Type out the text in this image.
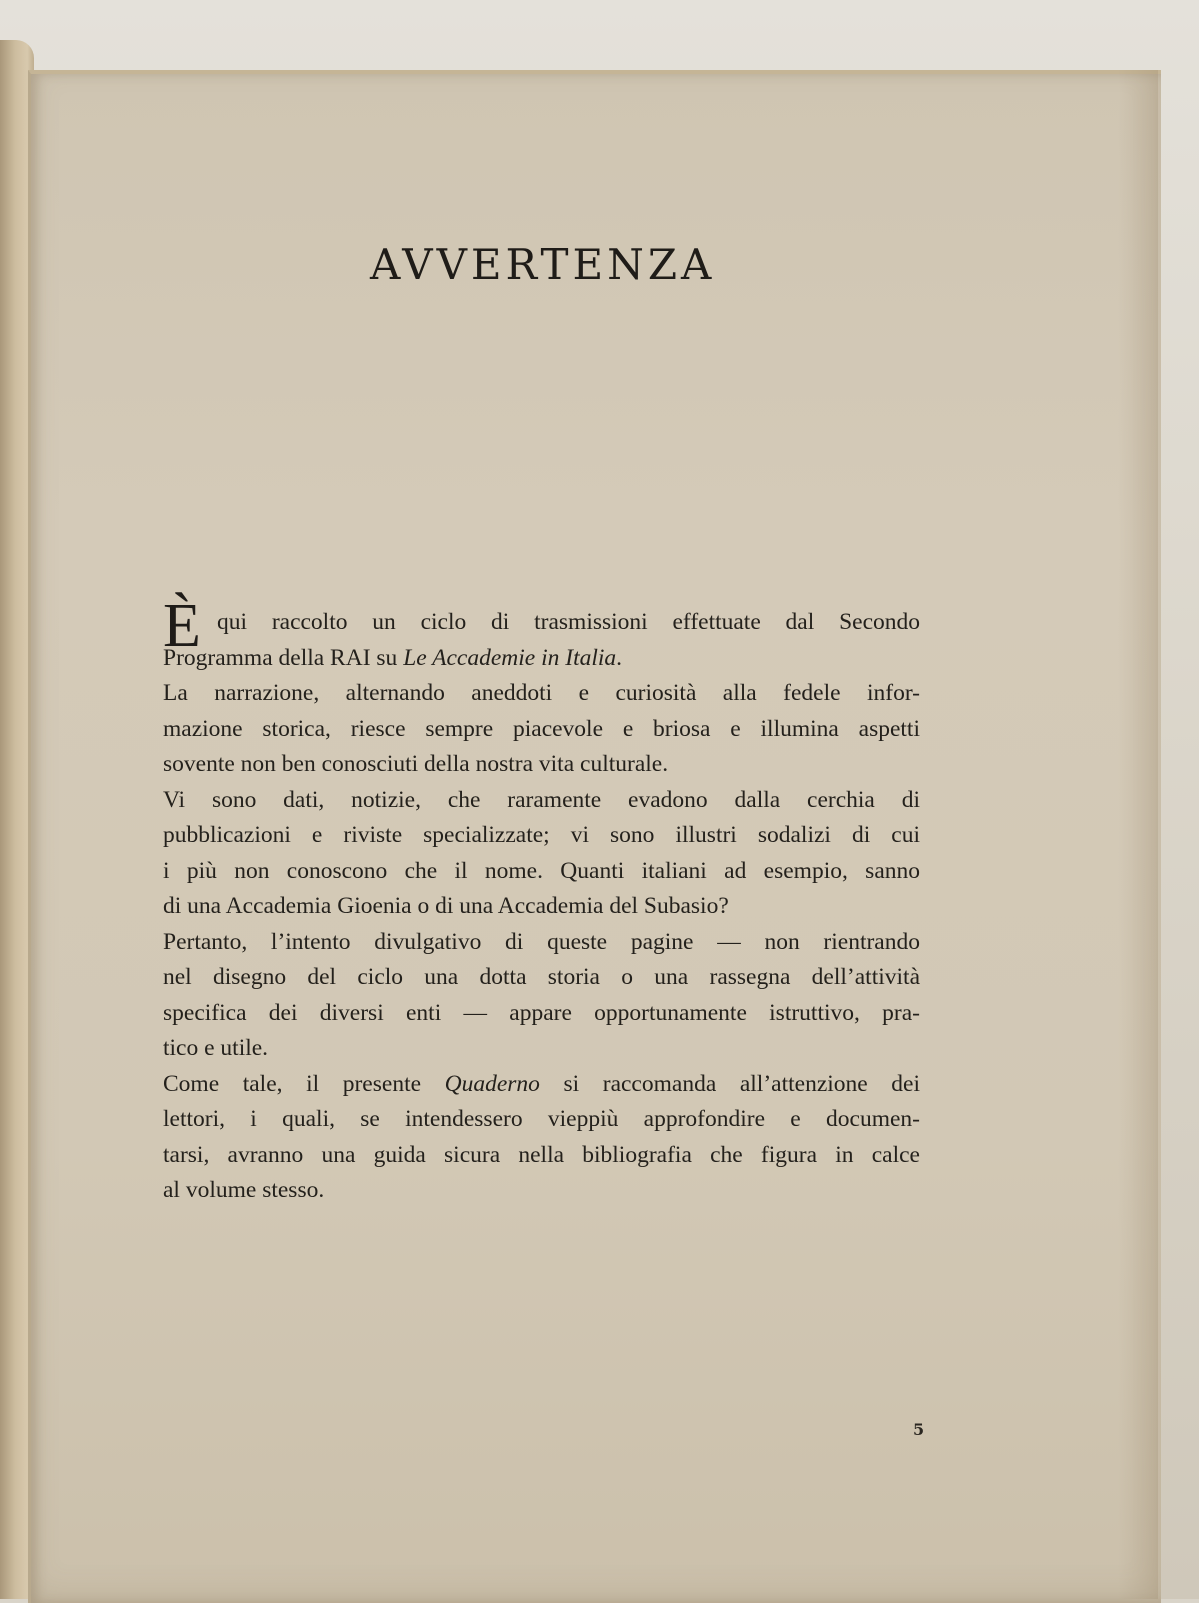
AVVERTENZA

È qui raccolto un ciclo di trasmissioni effettuate dal Secondo
Programma della RAI su Le Accademie in Italia.

La narrazione, alternando aneddoti e curiosità alla fedele infor-
mazione storica, riesce sempre piacevole e briosa e illumina aspetti
sovente non ben conosciuti della nostra vita culturale.

Vi sono dati, notizie, che raramente evadono dalla cerchia di
pubblicazioni e riviste specializzate; vi sono illustri sodalizi di cui
i più non conoscono che il nome. Quanti italiani ad esempio, sanno
di una Accademia Gioenia o di una Accademia del Subasio?

Pertanto, l’intento divulgativo di queste pagine — non rientrando
nel disegno del ciclo una dotta storia o una rassegna dell’attività
specifica dei diversi enti — appare opportunamente istruttivo, pra-
tico e utile.

Come tale, il presente Quaderno si raccomanda all’attenzione dei
lettori, i quali, se intendessero vieppiù approfondire e documen-
tarsi, avranno una guida sicura nella bibliografia che figura in calce
al volume stesso.

5
